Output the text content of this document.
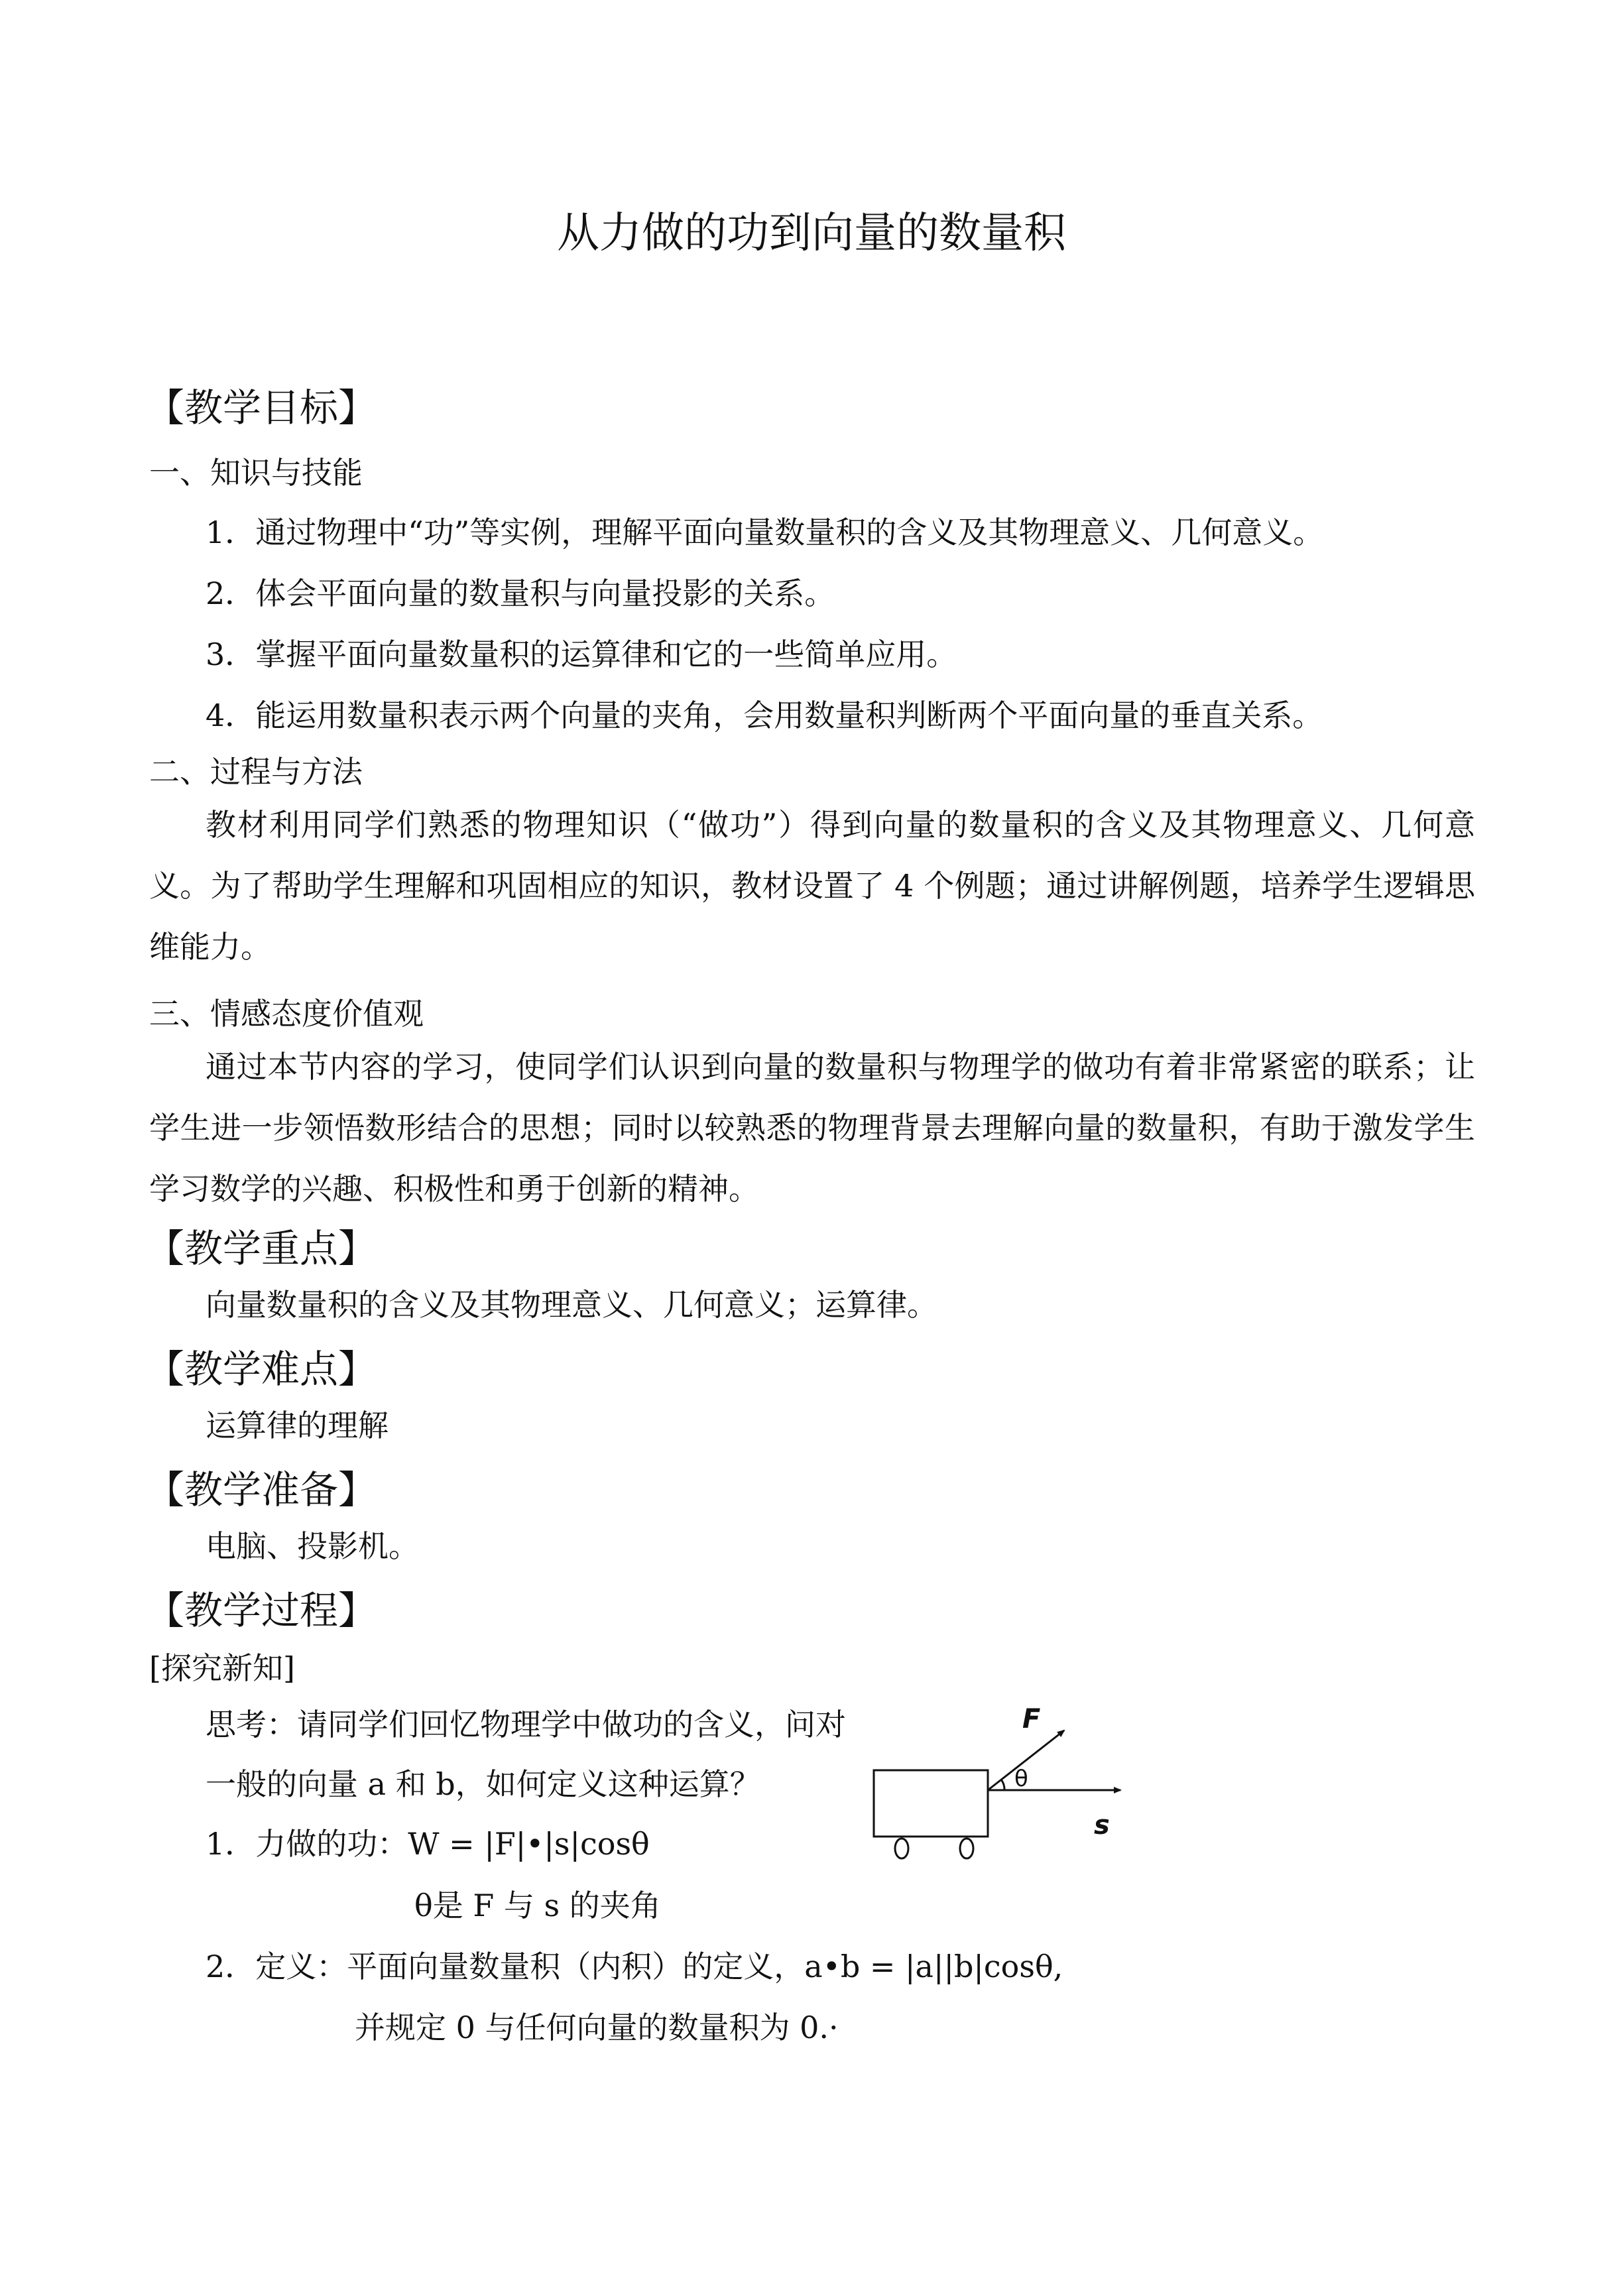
从力做的功到向量的数量积
【教学目标】
一、知识与技能
1．通过物理中“功”等实例，理解平面向量数量积的含义及其物理意义、几何意义。
2．体会平面向量的数量积与向量投影的关系。
3．掌握平面向量数量积的运算律和它的一些简单应用。
4．能运用数量积表示两个向量的夹角，会用数量积判断两个平面向量的垂直关系。
二、过程与方法
教材利用同学们熟悉的物理知识（“做功”）得到向量的数量积的含义及其物理意义、几何意义。为了帮助学生理解和巩固相应的知识，教材设置了 4 个例题；通过讲解例题，培养学生逻辑思维能力。
三、情感态度价值观
通过本节内容的学习，使同学们认识到向量的数量积与物理学的做功有着非常紧密的联系；让学生进一步领悟数形结合的思想；同时以较熟悉的物理背景去理解向量的数量积，有助于激发学生学习数学的兴趣、积极性和勇于创新的精神。
【教学重点】
向量数量积的含义及其物理意义、几何意义；运算律。
【教学难点】
运算律的理解
【教学准备】
电脑、投影机。
【教学过程】
[探究新知]
思考：请同学们回忆物理学中做功的含义，问对
一般的向量 a 和 b，如何定义这种运算？
1．力做的功：W = |F|•|s|cosθ
θ是 F 与 s 的夹角
2．定义：平面向量数量积（内积）的定义，a•b = |a||b|cosθ,
并规定 0 与任何向量的数量积为 0.·
F
s
θ
